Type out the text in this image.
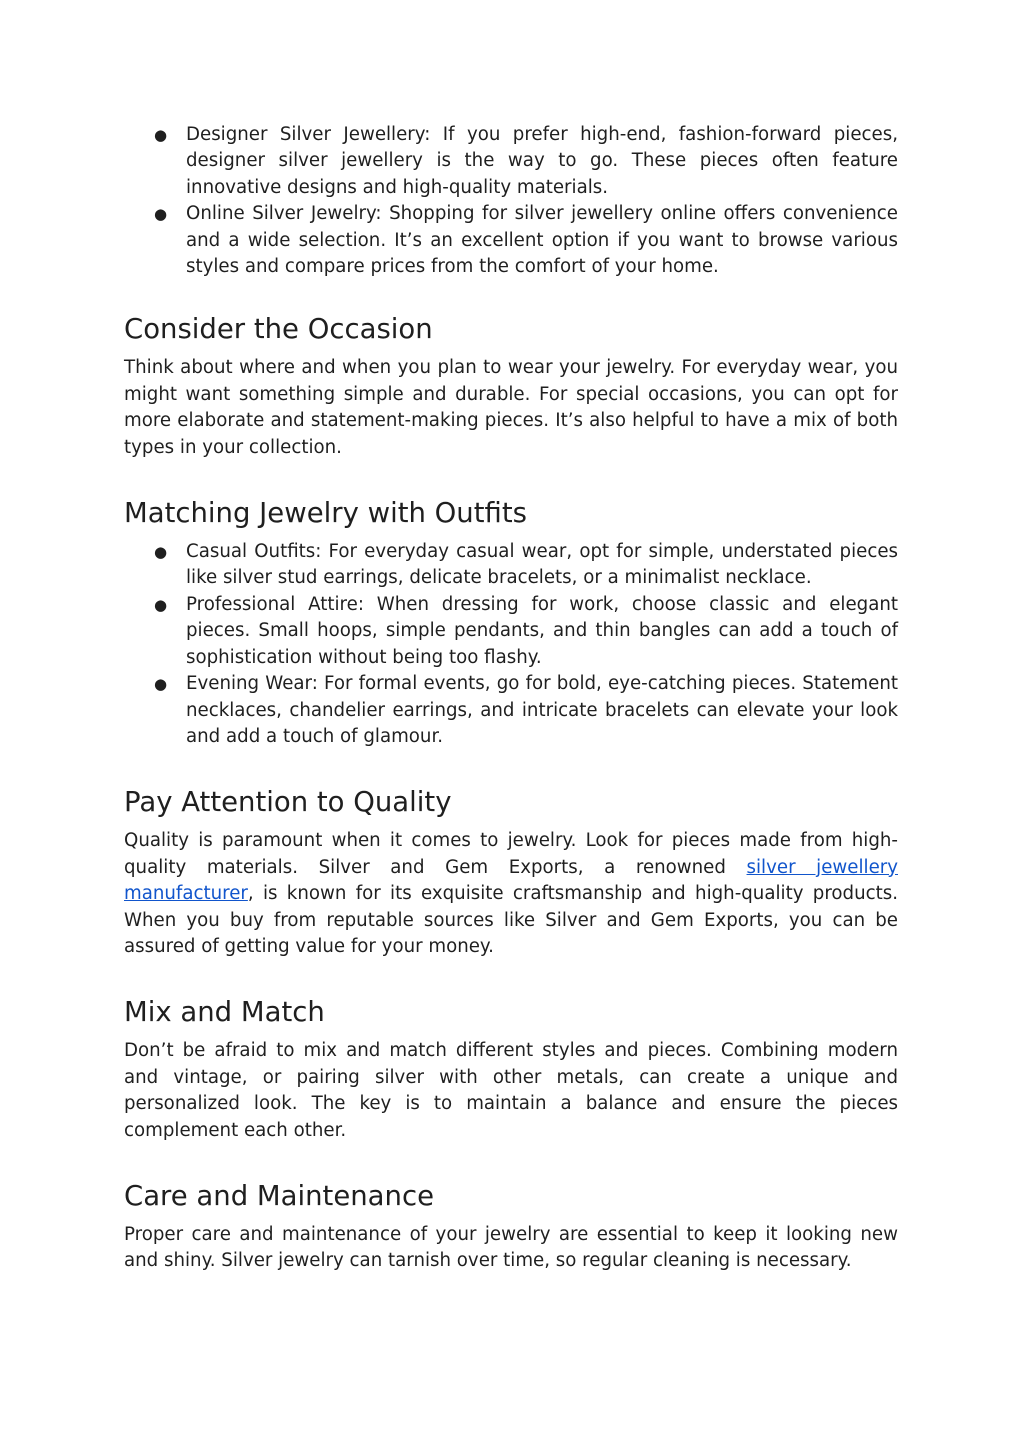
● Designer Silver Jewellery: If you prefer high-end, fashion-forward pieces, designer silver jewellery is the way to go. These pieces often feature innovative designs and high-quality materials.
● Online Silver Jewelry: Shopping for silver jewellery online offers convenience and a wide selection. It’s an excellent option if you want to browse various styles and compare prices from the comfort of your home.
Consider the Occasion

Think about where and when you plan to wear your jewelry. For everyday wear, you might want something simple and durable. For special occasions, you can opt for more elaborate and statement-making pieces. It’s also helpful to have a mix of both types in your collection.

Matching Jewelry with Outfits
● Casual Outfits: For everyday casual wear, opt for simple, understated pieces like silver stud earrings, delicate bracelets, or a minimalist necklace.
● Professional Attire: When dressing for work, choose classic and elegant pieces. Small hoops, simple pendants, and thin bangles can add a touch of sophistication without being too flashy.
● Evening Wear: For formal events, go for bold, eye-catching pieces. Statement necklaces, chandelier earrings, and intricate bracelets can elevate your look and add a touch of glamour.
Pay Attention to Quality

Quality is paramount when it comes to jewelry. Look for pieces made from high-quality materials. Silver and Gem Exports, a renowned silver jewellery manufacturer, is known for its exquisite craftsmanship and high-quality products. When you buy from reputable sources like Silver and Gem Exports, you can be assured of getting value for your money.

Mix and Match

Don’t be afraid to mix and match different styles and pieces. Combining modern and vintage, or pairing silver with other metals, can create a unique and personalized look. The key is to maintain a balance and ensure the pieces complement each other.

Care and Maintenance

Proper care and maintenance of your jewelry are essential to keep it looking new and shiny. Silver jewelry can tarnish over time, so regular cleaning is necessary.
